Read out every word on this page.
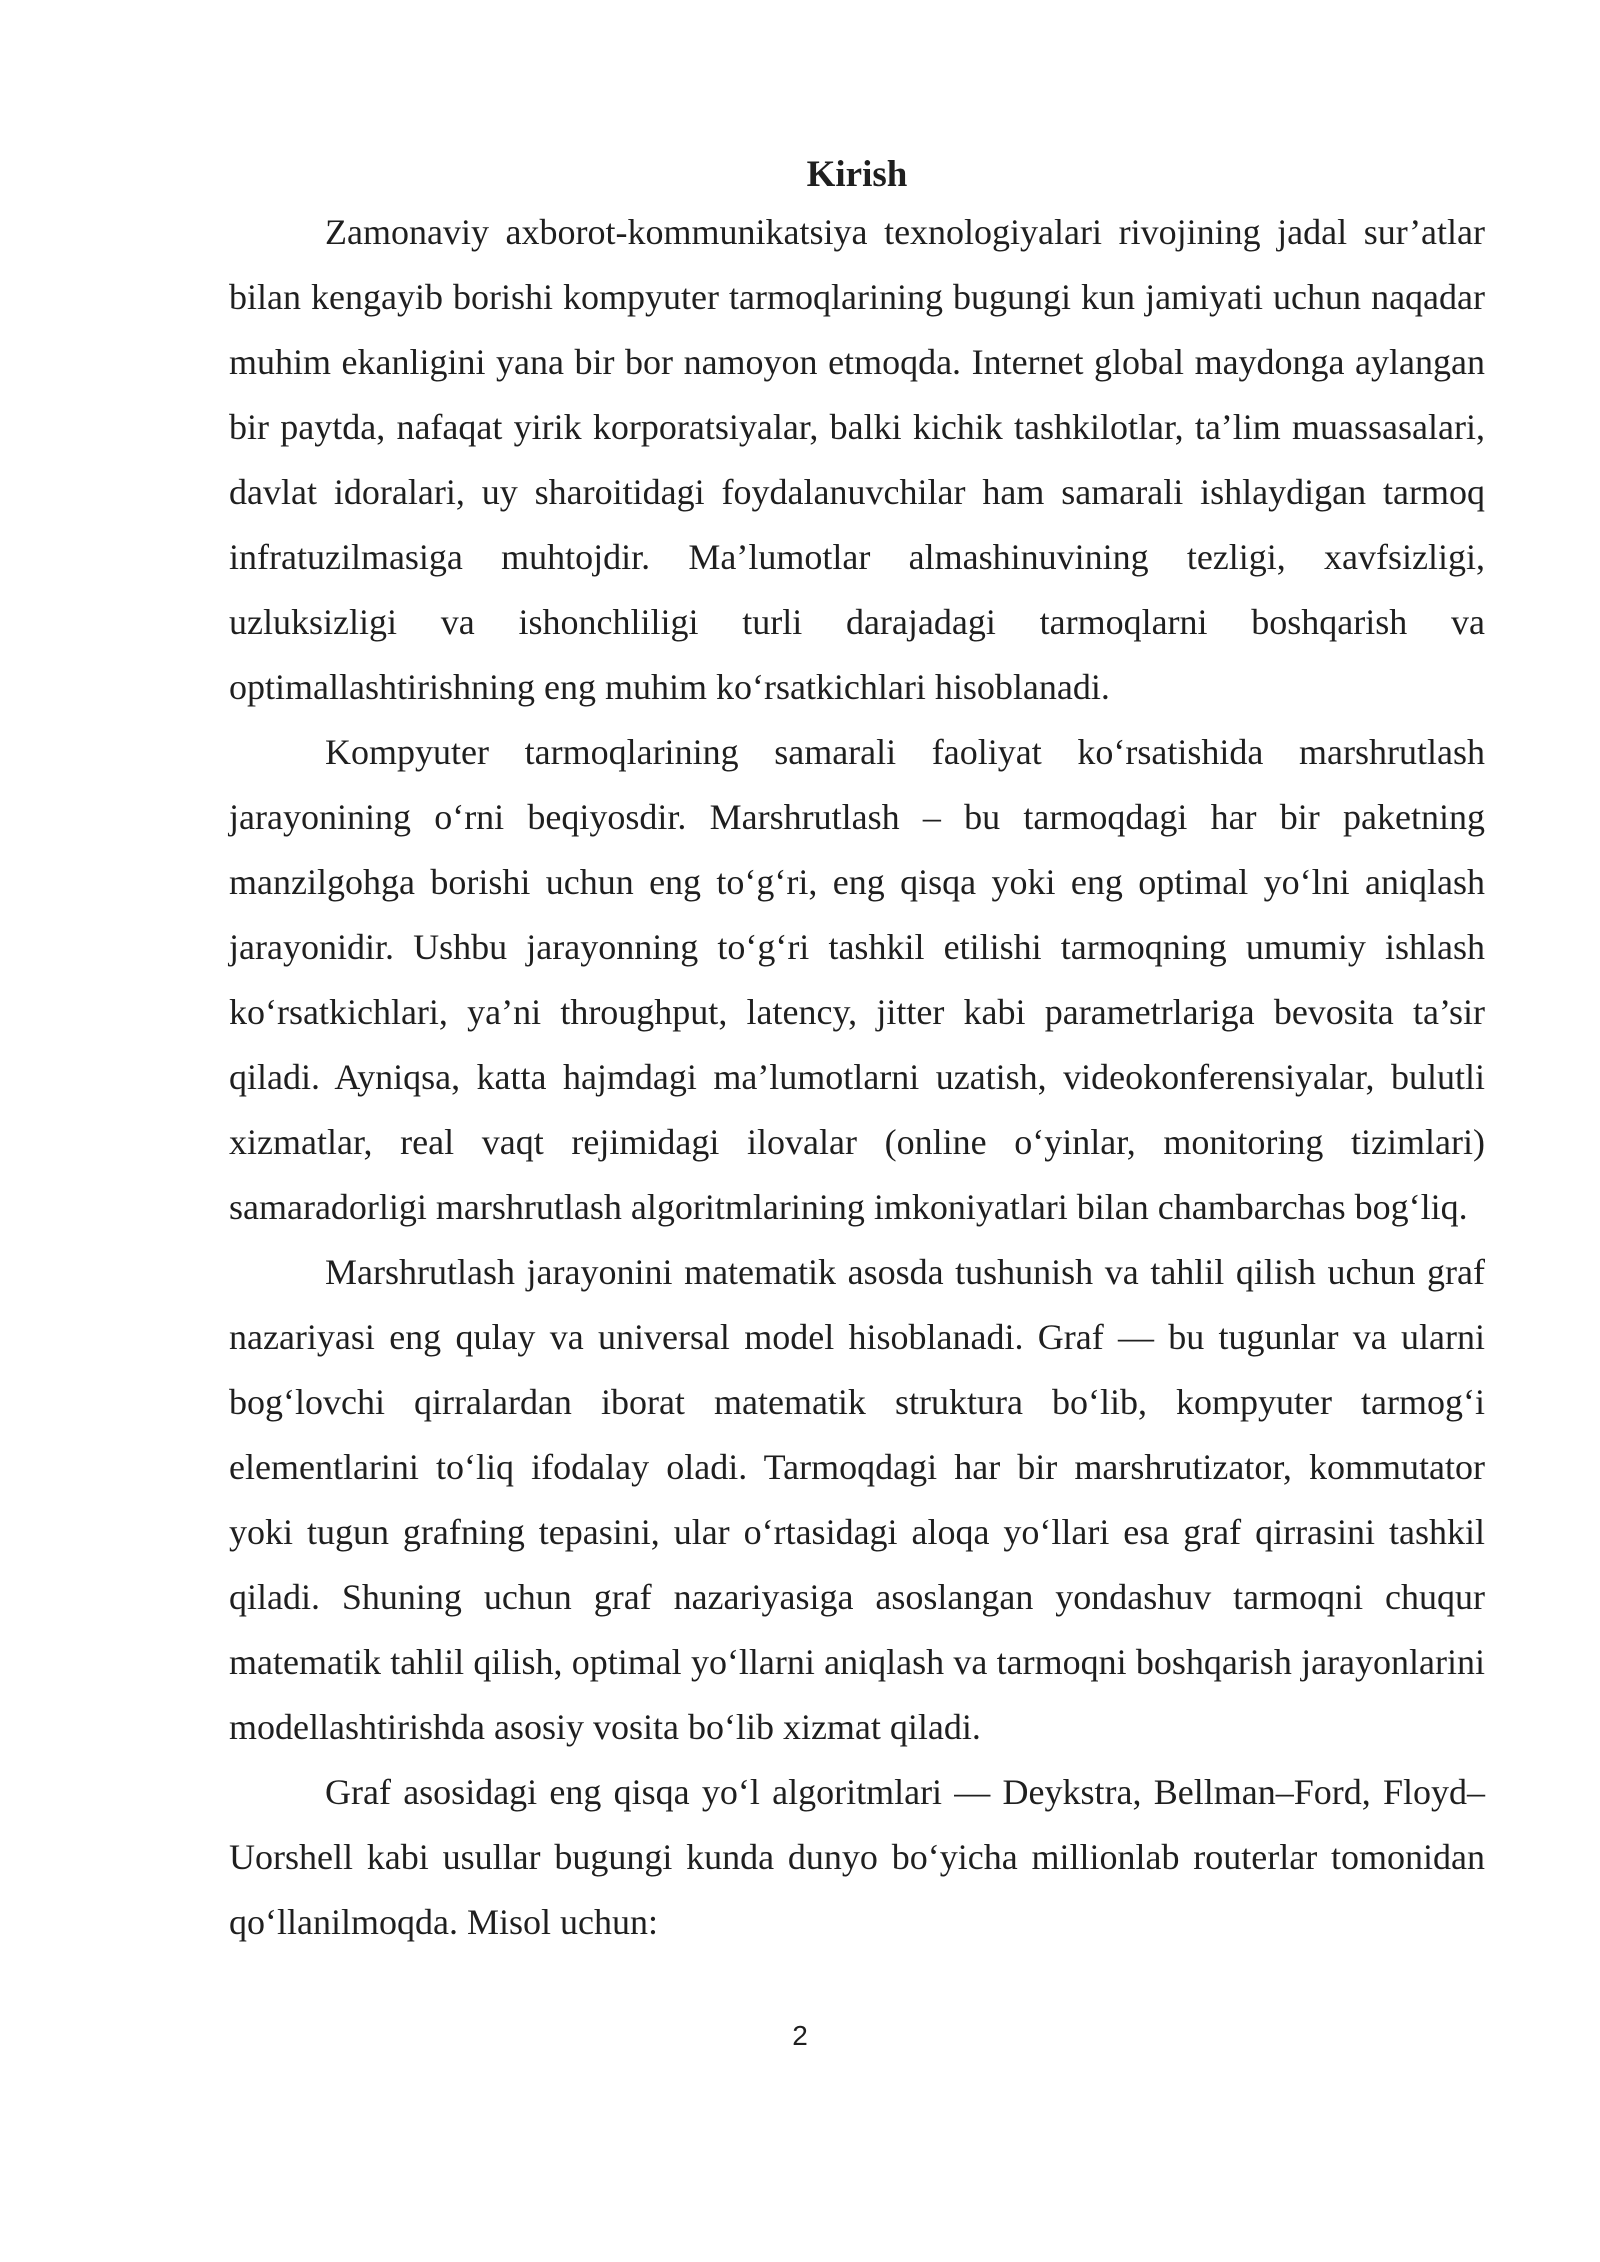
Kirish

Zamonaviy axborot-kommunikatsiya texnologiyalari rivojining jadal sur’atlar bilan kengayib borishi kompyuter tarmoqlarining bugungi kun jamiyati uchun naqadar muhim ekanligini yana bir bor namoyon etmoqda. Internet global maydonga aylangan bir paytda, nafaqat yirik korporatsiyalar, balki kichik tashkilotlar, ta’lim muassasalari, davlat idoralari, uy sharoitidagi foydalanuvchilar ham samarali ishlaydigan tarmoq infratuzilmasiga muhtojdir. Ma’lumotlar almashinuvining tezligi, xavfsizligi, uzluksizligi va ishonchliligi turli darajadagi tarmoqlarni boshqarish va optimallashtirishning eng muhim ko‘rsatkichlari hisoblanadi.

Kompyuter tarmoqlarining samarali faoliyat ko‘rsatishida marshrutlash jarayonining o‘rni beqiyosdir. Marshrutlash – bu tarmoqdagi har bir paketning manzilgohga borishi uchun eng to‘g‘ri, eng qisqa yoki eng optimal yo‘lni aniqlash jarayonidir. Ushbu jarayonning to‘g‘ri tashkil etilishi tarmoqning umumiy ishlash ko‘rsatkichlari, ya’ni throughput, latency, jitter kabi parametrlariga bevosita ta’sir qiladi. Ayniqsa, katta hajmdagi ma’lumotlarni uzatish, videokonferensiyalar, bulutli xizmatlar, real vaqt rejimidagi ilovalar (online o‘yinlar, monitoring tizimlari) samaradorligi marshrutlash algoritmlarining imkoniyatlari bilan chambarchas bog‘liq.

Marshrutlash jarayonini matematik asosda tushunish va tahlil qilish uchun graf nazariyasi eng qulay va universal model hisoblanadi. Graf — bu tugunlar va ularni bog‘lovchi qirralardan iborat matematik struktura bo‘lib, kompyuter tarmog‘i elementlarini to‘liq ifodalay oladi. Tarmoqdagi har bir marshrutizator, kommutator yoki tugun grafning tepasini, ular o‘rtasidagi aloqa yo‘llari esa graf qirrasini tashkil qiladi. Shuning uchun graf nazariyasiga asoslangan yondashuv tarmoqni chuqur matematik tahlil qilish, optimal yo‘llarni aniqlash va tarmoqni boshqarish jarayonlarini modellashtirishda asosiy vosita bo‘lib xizmat qiladi.

Graf asosidagi eng qisqa yo‘l algoritmlari — Deykstra, Bellman–Ford, Floyd–Uorshell kabi usullar bugungi kunda dunyo bo‘yicha millionlab routerlar tomonidan qo‘llanilmoqda. Misol uchun:

2
